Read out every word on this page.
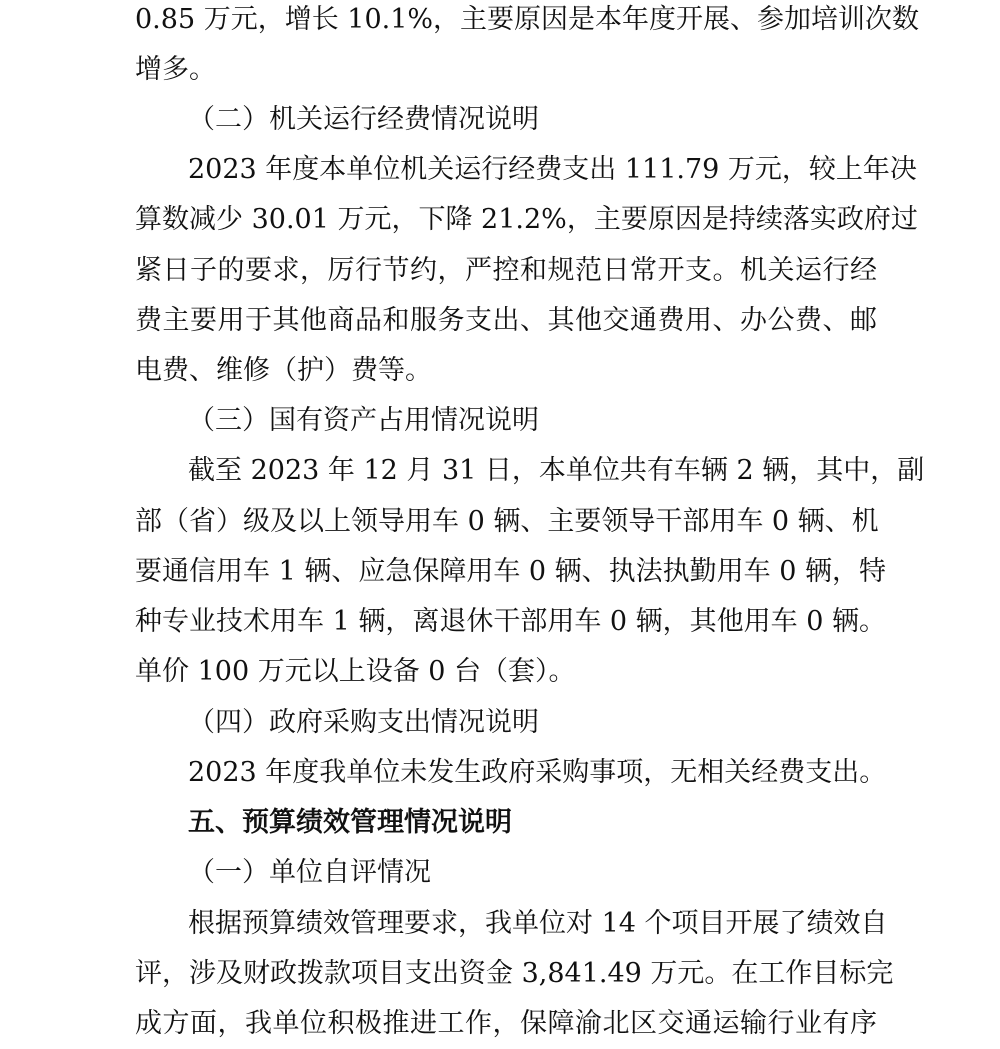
0.85 万元，增长 10.1%，主要原因是本年度开展、参加培训次数
增多。
（二）机关运行经费情况说明
2023 年度本单位机关运行经费支出 111.79 万元，较上年决
算数减少 30.01 万元，下降 21.2%，主要原因是持续落实政府过
紧日子的要求，厉行节约，严控和规范日常开支。机关运行经
费主要用于其他商品和服务支出、其他交通费用、办公费、邮
电费、维修（护）费等。
（三）国有资产占用情况说明
截至 2023 年 12 月 31 日，本单位共有车辆 2 辆，其中，副
部（省）级及以上领导用车 0 辆、主要领导干部用车 0 辆、机
要通信用车 1 辆、应急保障用车 0 辆、执法执勤用车 0 辆，特
种专业技术用车 1 辆，离退休干部用车 0 辆，其他用车 0 辆。
单价 100 万元以上设备 0 台（套）。
（四）政府采购支出情况说明
2023 年度我单位未发生政府采购事项，无相关经费支出。
五、预算绩效管理情况说明
（一）单位自评情况
根据预算绩效管理要求，我单位对 14 个项目开展了绩效自
评，涉及财政拨款项目支出资金 3,841.49 万元。在工作目标完
成方面，我单位积极推进工作，保障渝北区交通运输行业有序
